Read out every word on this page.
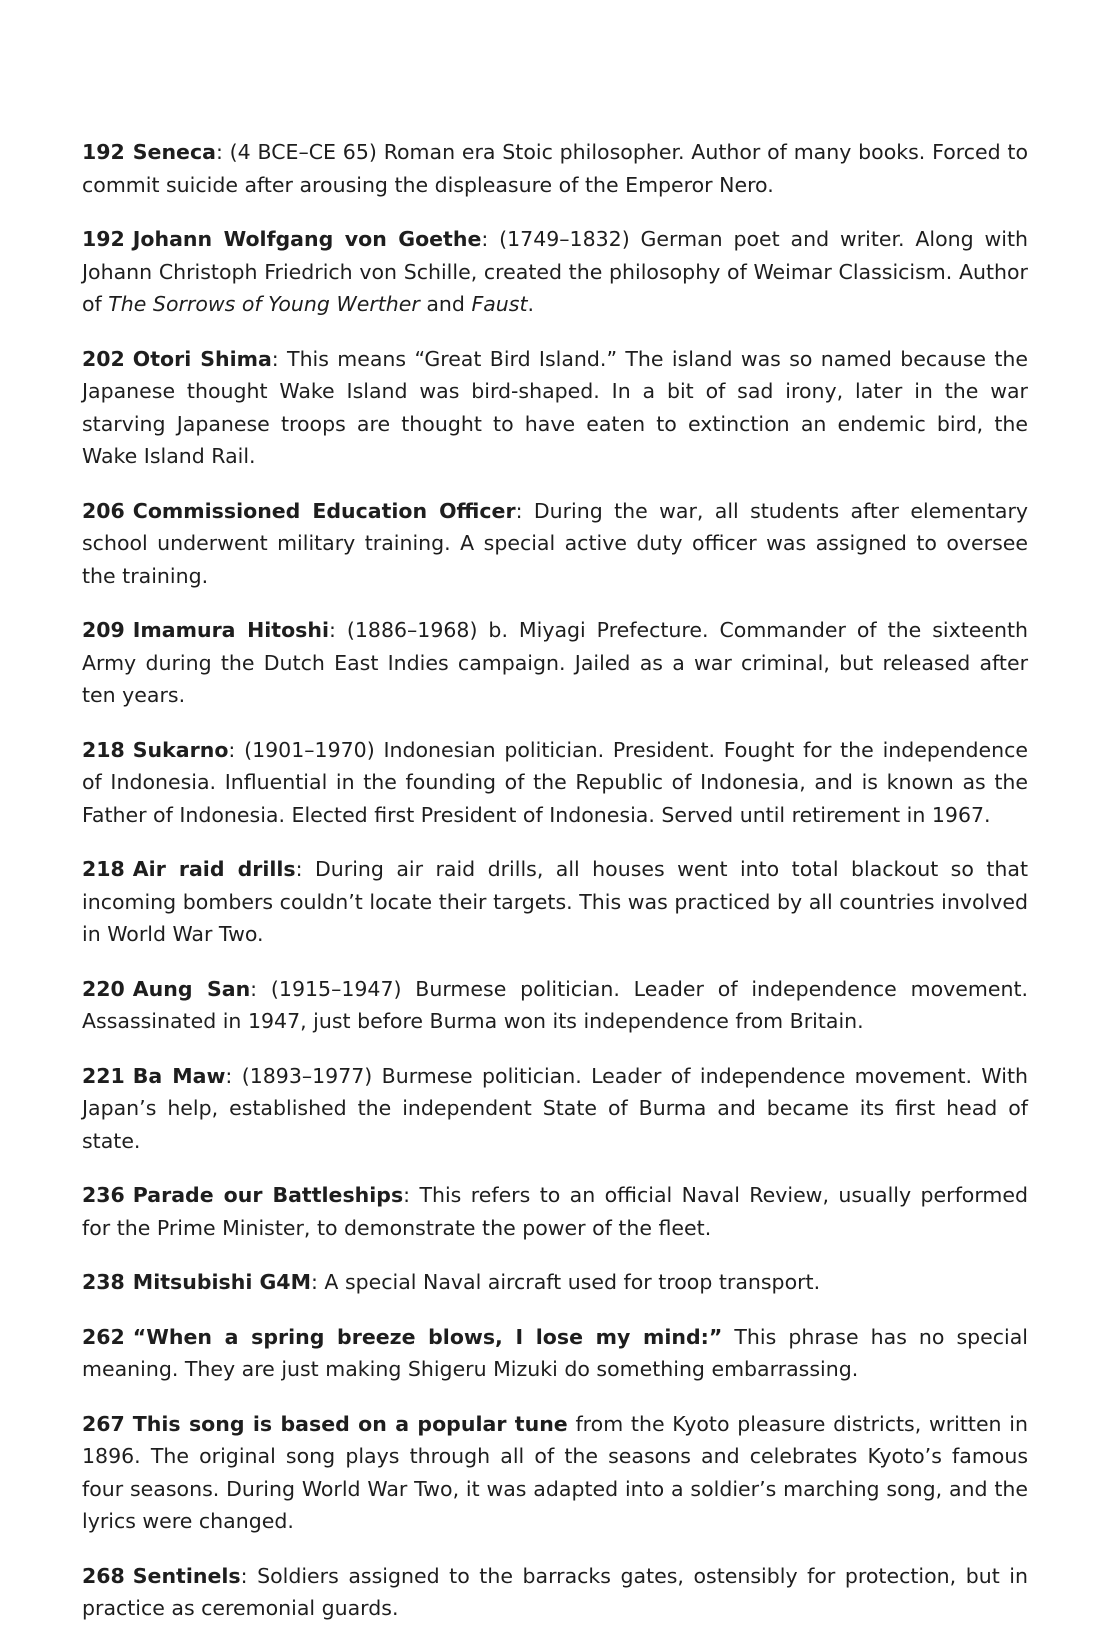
192 Seneca: (4 BCE–CE 65) Roman era Stoic philosopher. Author of many books. Forced to commit suicide after arousing the displeasure of the Emperor Nero.

192 Johann Wolfgang von Goethe: (1749–1832) German poet and writer. Along with Johann Christoph Friedrich von Schille, created the philosophy of Weimar Classicism. Author of The Sorrows of Young Werther and Faust.

202 Otori Shima: This means “Great Bird Island.” The island was so named because the Japanese thought Wake Island was bird-shaped. In a bit of sad irony, later in the war starving Japanese troops are thought to have eaten to extinction an endemic bird, the Wake Island Rail.

206 Commissioned Education Officer: During the war, all students after elementary school underwent military training. A special active duty officer was assigned to oversee the training.

209 Imamura Hitoshi: (1886–1968) b. Miyagi Prefecture. Commander of the sixteenth Army during the Dutch East Indies campaign. Jailed as a war criminal, but released after ten years.

218 Sukarno: (1901–1970) Indonesian politician. President. Fought for the independence of Indonesia. Influential in the founding of the Republic of Indonesia, and is known as the Father of Indonesia. Elected first President of Indonesia. Served until retirement in 1967.

218 Air raid drills: During air raid drills, all houses went into total blackout so that incoming bombers couldn’t locate their targets. This was practiced by all countries involved in World War Two.

220 Aung San: (1915–1947) Burmese politician. Leader of independence movement. Assassinated in 1947, just before Burma won its independence from Britain.

221 Ba Maw: (1893–1977) Burmese politician. Leader of independence movement. With Japan’s help, established the independent State of Burma and became its first head of state.

236 Parade our Battleships: This refers to an official Naval Review, usually performed for the Prime Minister, to demonstrate the power of the fleet.

238 Mitsubishi G4M: A special Naval aircraft used for troop transport.

262 “When a spring breeze blows, I lose my mind:” This phrase has no special meaning. They are just making Shigeru Mizuki do something embarrassing.

267 This song is based on a popular tune from the Kyoto pleasure districts, written in 1896. The original song plays through all of the seasons and celebrates Kyoto’s famous four seasons. During World War Two, it was adapted into a soldier’s marching song, and the lyrics were changed.

268 Sentinels: Soldiers assigned to the barracks gates, ostensibly for protection, but in practice as ceremonial guards.
